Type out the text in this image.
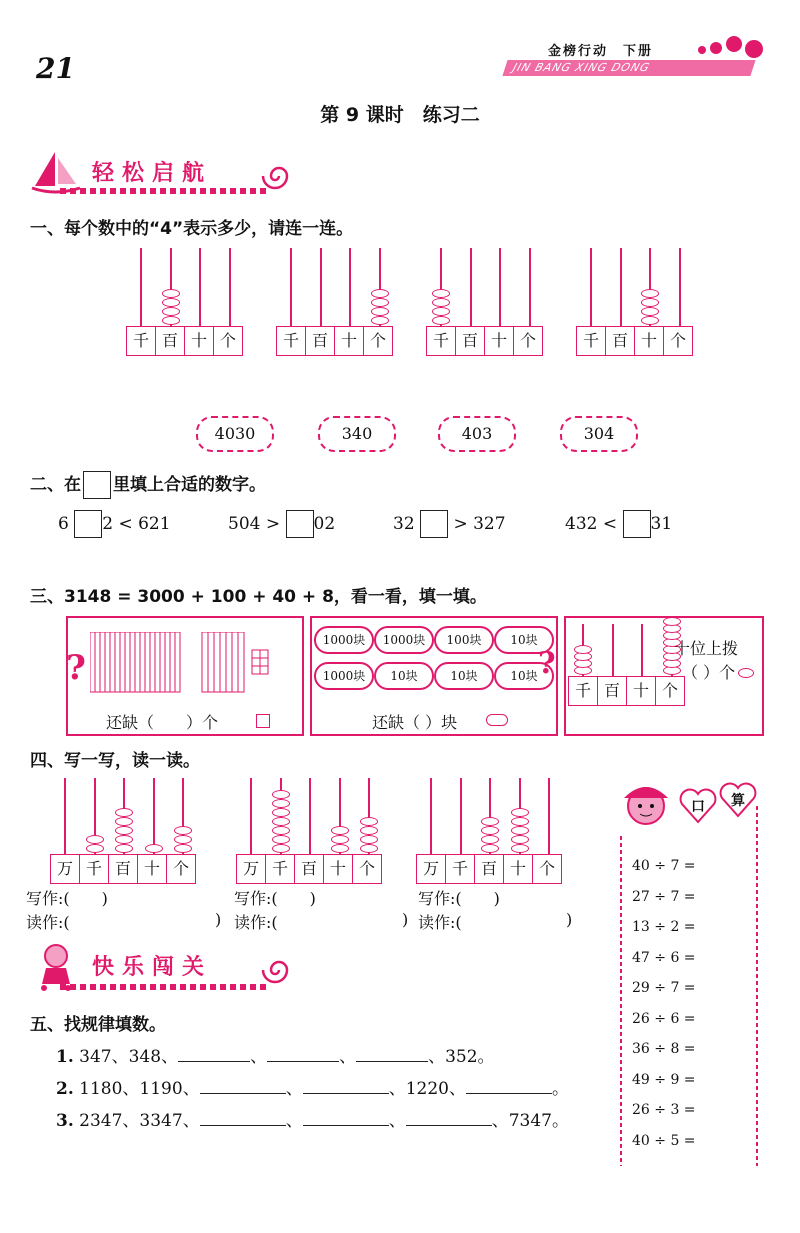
21
金榜行动　下册
JIN BANG XING DONG
第 9 课时　练习二
轻松启航
一、每个数中的“4”表示多少，请连一连。
千 百 十 个	千 百 十 个	千 百 十 个	千 百 十 个
4030	340	403	304
二、在 里填上合适的数字。
6 2 < 621	504 > 02	32 > 327	432 < 31
三、3148 = 3000 + 100 + 40 + 8，看一看，填一填。
?
还缺（　　）个
1000块	1000块	100块	10块
1000块	10块	10块	10块
还缺（ ）块
?
千 百 十 个
十位上拨
（ ）个
四、写一写，读一读。
万 千 百 十 个	万 千 百 十 个	万 千 百 十 个
写作:(　　)
读作:(	)
写作:(　　)
读作:(	)
写作:(　　)
读作:(	)
口 算
40 ÷ 7 =
27 ÷ 7 =
13 ÷ 2 =
47 ÷ 6 =
29 ÷ 7 =
26 ÷ 6 =
36 ÷ 8 =
49 ÷ 9 =
26 ÷ 3 =
40 ÷ 5 =
快乐闯关
五、找规律填数。
1. 347、348、	、	、	、352。
2. 1180、1190、	、	、1220、	。
3. 2347、3347、	、	、	、7347。
